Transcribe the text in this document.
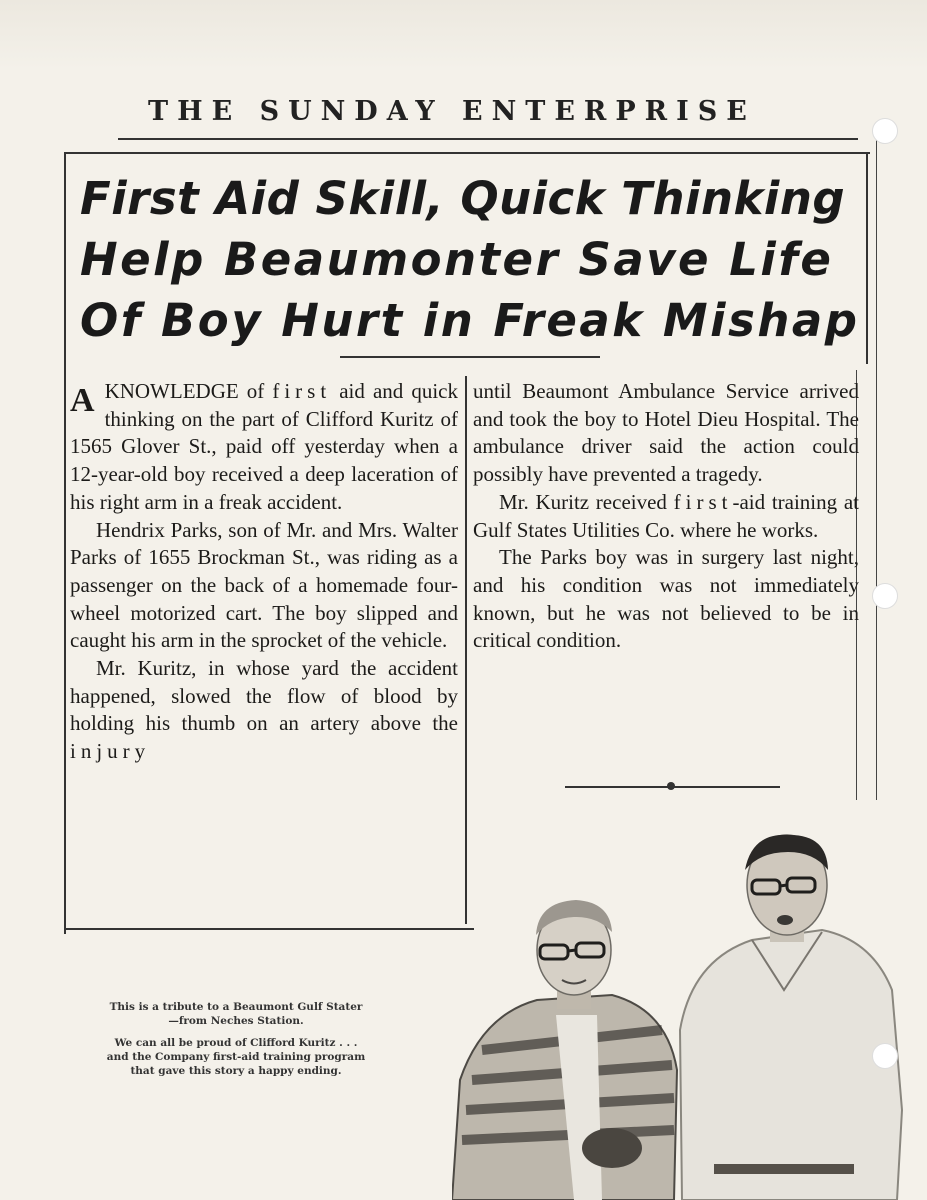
THE SUNDAY ENTERPRISE
First Aid Skill, Quick Thinking
Help Beaumonter Save Life
Of Boy Hurt in Freak Mishap

AKNOWLEDGE of first aid and quick thinking on the part of Clifford Kuritz of 1565 Glover St., paid off yesterday when a 12-year-old boy received a deep laceration of his right arm in a freak accident.

Hendrix Parks, son of Mr. and Mrs. Walter Parks of 1655 Brockman St., was riding as a passenger on the back of a homemade four-wheel motorized cart. The boy slipped and caught his arm in the sprocket of the vehicle.

Mr. Kuritz, in whose yard the accident happened, slowed the flow of blood by holding his thumb on an artery above the injury

until Beaumont Ambulance Service arrived and took the boy to Hotel Dieu Hospital. The ambulance driver said the action could possibly have prevented a tragedy.

Mr. Kuritz received first-aid training at Gulf States Utilities Co. where he works.

The Parks boy was in surgery last night, and his condition was not immediately known, but he was not believed to be in critical condition.

This is a tribute to a Beaumont Gulf Stater—from Neches Station.

We can all be proud of Clifford Kuritz . . . and the Company first-aid training program that gave this story a happy ending.
